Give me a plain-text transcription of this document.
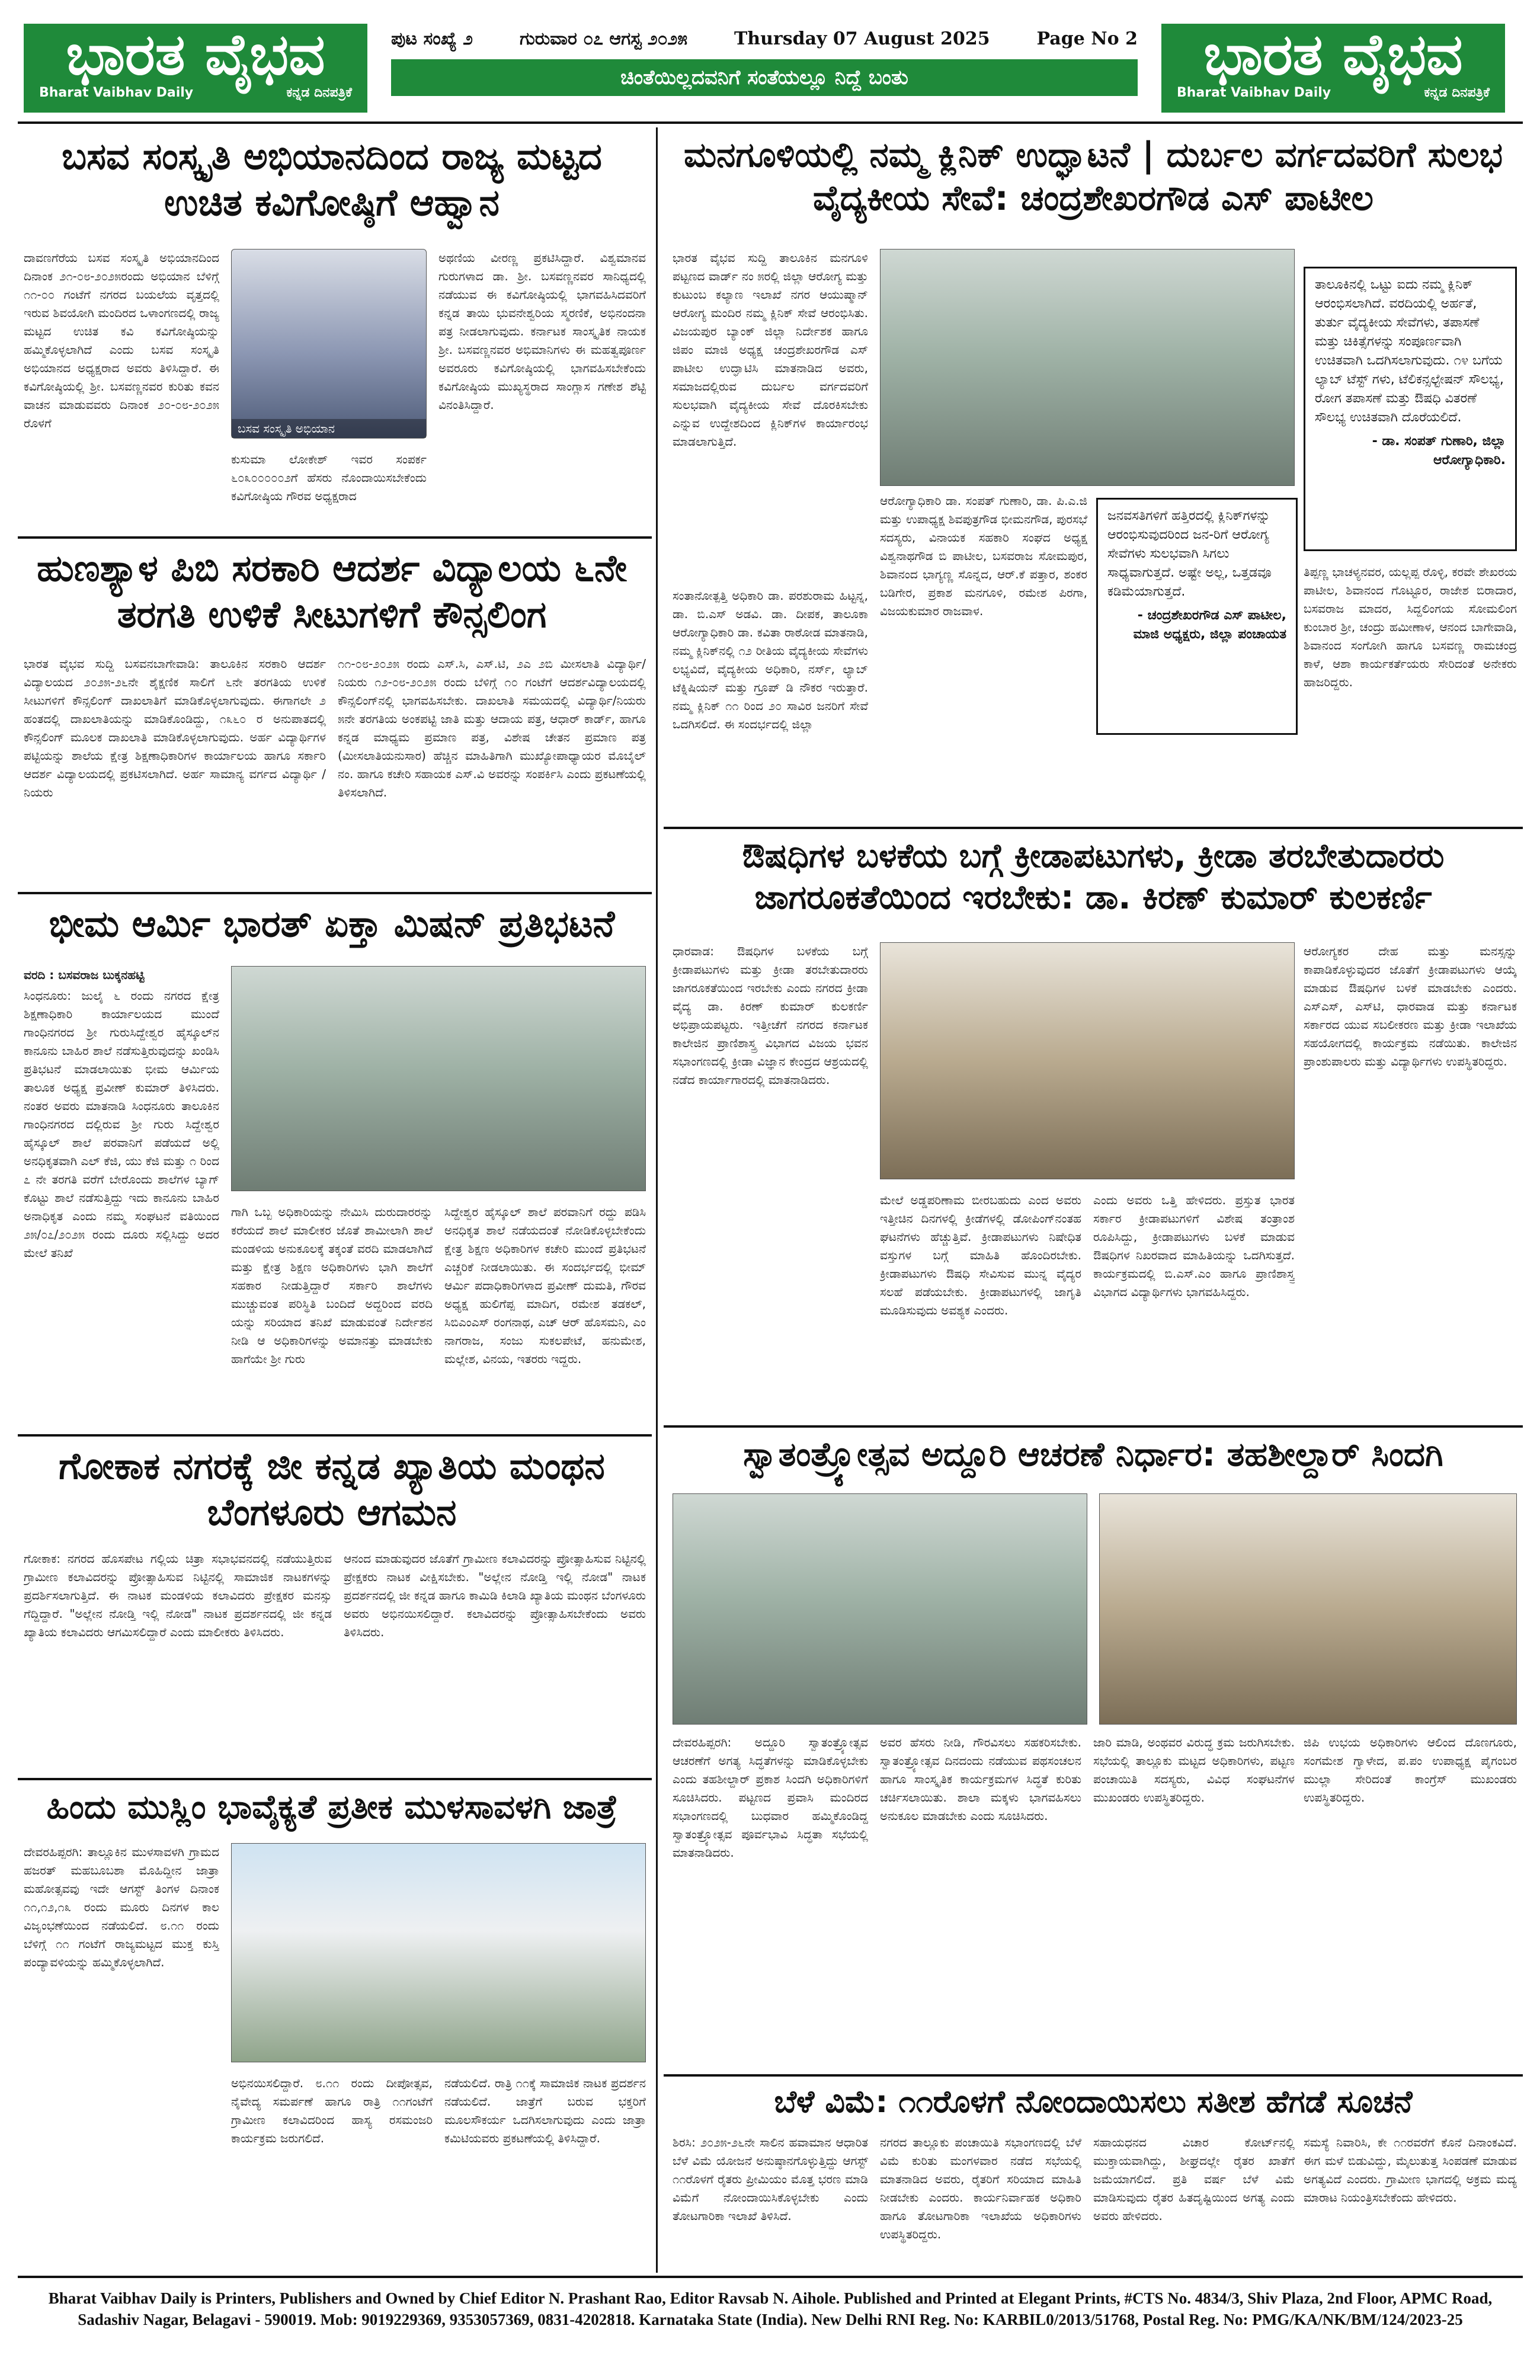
ಭಾರತ ವೈಭವ
Bharat Vaibhav Daily	ಕನ್ನಡ ದಿನಪತ್ರಿಕೆ
ಪುಟ ಸಂಖ್ಯೆ ೨	ಗುರುವಾರ ೦೭ ಆಗಸ್ಟ ೨೦೨೫	Thursday 07 August 2025	Page No 2
ಚಿಂತೆಯಿಲ್ಲದವನಿಗೆ ಸಂತೆಯಲ್ಲೂ ನಿದ್ದೆ ಬಂತು	ಭಾರತ ವೈಭವ
Bharat Vaibhav Daily	ಕನ್ನಡ ದಿನಪತ್ರಿಕೆ
ಬಸವ ಸಂಸ್ಕೃತಿ ಅಭಿಯಾನದಿಂದ ರಾಜ್ಯ ಮಟ್ಟದ ಉಚಿತ ಕವಿಗೋಷ್ಠಿಗೆ ಆಹ್ವಾನ
ದಾವಣಗೆರೆಯ ಬಸವ ಸಂಸ್ಕೃತಿ ಅಭಿಯಾನದಿಂದ ದಿನಾಂಕ ೨೧-೦೮-೨೦೨೫ರಂದು ಅಭಿಯಾನ ಬೆಳಿಗ್ಗೆ ೧೧-೦೦ ಗಂಟೆಗೆ ನಗರದ ಬಯಲೆಯ ವೃತ್ತದಲ್ಲಿ ಇರುವ ಶಿವಯೋಗಿ ಮಂದಿರದ ಒಳಾಂಗಣದಲ್ಲಿ ರಾಜ್ಯ ಮಟ್ಟದ ಉಚಿತ ಕವಿ ಕವಿಗೋಷ್ಠಿಯನ್ನು ಹಮ್ಮಿಕೊಳ್ಳಲಾಗಿದೆ ಎಂದು ಬಸವ ಸಂಸ್ಕೃತಿ ಅಭಿಯಾನದ ಅಧ್ಯಕ್ಷರಾದ ಅವರು ತಿಳಿಸಿದ್ದಾರೆ. ಈ ಕವಿಗೋಷ್ಠಿಯಲ್ಲಿ ಶ್ರೀ. ಬಸವಣ್ಣನವರ ಕುರಿತು ಕವನ ವಾಚನ ಮಾಡುವವರು ದಿನಾಂಕ ೨೦-೦೮-೨೦೨೫ ರೊಳಗೆ	ಬಸವ ಸಂಸ್ಕೃತಿ ಅಭಿಯಾನ
ಕುಸುಮಾ ಲೋಕೇಶ್ ಇವರ ಸಂಪರ್ಕ ೬೦೩೦೦೦೦೦೨ಗೆ ಹೆಸರು ನೊಂದಾಯಿಸಬೇಕೆಂದು ಕವಿಗೋಷ್ಠಿಯ ಗೌರವ ಅಧ್ಯಕ್ಷರಾದ
ಅಥಣಿಯ ವೀರಣ್ಣ ಪ್ರಕಟಿಸಿದ್ದಾರೆ. ವಿಶ್ವಮಾನವ ಗುರುಗಳಾದ ಡಾ. ಶ್ರೀ. ಬಸವಣ್ಣನವರ ಸಾನಿಧ್ಯದಲ್ಲಿ ನಡೆಯುವ ಈ ಕವಿಗೋಷ್ಠಿಯಲ್ಲಿ ಭಾಗವಹಿಸಿದವರಿಗೆ ಕನ್ನಡ ತಾಯಿ ಭುವನೇಶ್ವರಿಯ ಸ್ಮರಣಿಕೆ, ಅಭಿನಂದನಾ ಪತ್ರ ನೀಡಲಾಗುವುದು. ಕರ್ನಾಟಕ ಸಾಂಸ್ಕೃತಿಕ ನಾಯಕ ಶ್ರೀ. ಬಸವಣ್ಣನವರ ಅಭಿಮಾನಿಗಳು ಈ ಮಹತ್ವಪೂರ್ಣ ಅವರೂರು ಕವಿಗೋಷ್ಠಿಯಲ್ಲಿ ಭಾಗವಹಿಸಬೇಕೆಂದು ಕವಿಗೋಷ್ಠಿಯ ಮುಖ್ಯಸ್ಥರಾದ ಸಾಂಗ್ಲಾಸ ಗಣೇಶ ಶೆಟ್ಟಿ ವಿನಂತಿಸಿದ್ದಾರೆ.
ಹುಣಶ್ಯಾಳ ಪಿಬಿ ಸರಕಾರಿ ಆದರ್ಶ ವಿದ್ಯಾಲಯ ೬ನೇ ತರಗತಿ ಉಳಿಕೆ ಸೀಟುಗಳಿಗೆ ಕೌನ್ಸಲಿಂಗ
ಭಾರತ ವೈಭವ ಸುದ್ದಿ ಬಸವನಬಾಗೇವಾಡಿ: ತಾಲೂಕಿನ ಸರಕಾರಿ ಆದರ್ಶ ವಿದ್ಯಾಲಯದ ೨೦೨೫-೨೬ನೇ ಶೈಕ್ಷಣಿಕ ಸಾಲಿಗೆ ೬ನೇ ತರಗತಿಯ ಉಳಿಕೆ ಸೀಟುಗಳಿಗೆ ಕೌನ್ಸಲಿಂಗ್ ದಾಖಲಾತಿಗೆ ಮಾಡಿಕೊಳ್ಳಲಾಗುವುದು. ಈಗಾಗಲೇ ೨ ಹಂತದಲ್ಲಿ ದಾಖಲಾತಿಯನ್ನು ಮಾಡಿಕೊಂಡಿದ್ದು, ೧೩೬೦ ರ ಅನುಪಾತದಲ್ಲಿ ಕೌನ್ಸಲಿಂಗ್ ಮೂಲಕ ದಾಖಲಾತಿ ಮಾಡಿಕೊಳ್ಳಲಾಗುವುದು. ಅರ್ಹ ವಿದ್ಯಾರ್ಥಿಗಳ ಪಟ್ಟಿಯನ್ನು ಶಾಲೆಯ ಕ್ಷೇತ್ರ ಶಿಕ್ಷಣಾಧಿಕಾರಿಗಳ ಕಾರ್ಯಾಲಯ ಹಾಗೂ ಸರ್ಕಾರಿ ಆದರ್ಶ ವಿದ್ಯಾಲಯದಲ್ಲಿ ಪ್ರಕಟಿಸಲಾಗಿದೆ. ಅರ್ಹ ಸಾಮಾನ್ಯ ವರ್ಗದ ವಿದ್ಯಾರ್ಥಿ / ನಿಯರು
೧೧-೦೮-೨೦೨೫ ರಂದು ಎಸ್.ಸಿ, ಎಸ್.ಟಿ, ೨ಎ ೨ಬಿ ಮೀಸಲಾತಿ ವಿದ್ಯಾರ್ಥಿ/ನಿಯರು ೧೨-೦೮-೨೦೨೫ ರಂದು ಬೆಳಿಗ್ಗೆ ೧೦ ಗಂಟೆಗೆ ಆದರ್ಶವಿದ್ಯಾಲಯದಲ್ಲಿ ಕೌನ್ಸಲಿಂಗ್‌ನಲ್ಲಿ ಭಾಗವಹಿಸಬೇಕು. ದಾಖಲಾತಿ ಸಮಯದಲ್ಲಿ ವಿದ್ಯಾರ್ಥಿ/ನಿಯರು ೫ನೇ ತರಗತಿಯ ಅಂಕಪಟ್ಟಿ ಜಾತಿ ಮತ್ತು ಆದಾಯ ಪತ್ರ, ಆಧಾರ್ ಕಾರ್ಡ್, ಹಾಗೂ ಕನ್ನಡ ಮಾಧ್ಯಮ ಪ್ರಮಾಣ ಪತ್ರ, ವಿಶೇಷ ಚೇತನ ಪ್ರಮಾಣ ಪತ್ರ (ಮೀಸಲಾತಿಯನುಸಾರ) ಹೆಚ್ಚಿನ ಮಾಹಿತಿಗಾಗಿ ಮುಖ್ಯೋಪಾಧ್ಯಾಯರ ಮೊಬೈಲ್ ನಂ. ಹಾಗೂ ಕಚೇರಿ ಸಹಾಯಕ ಎಸ್.ವಿ ಅವರನ್ನು ಸಂಪರ್ಕಿಸಿ ಎಂದು ಪ್ರಕಟಣೆಯಲ್ಲಿ ತಿಳಿಸಲಾಗಿದೆ.
ಭೀಮ ಆರ್ಮಿ ಭಾರತ್ ಏಕ್ತಾ ಮಿಷನ್ ಪ್ರತಿಭಟನೆ
ವರದಿ : ಬಸವರಾಜ ಬುಕ್ಕನಹಟ್ಟಿ
ಸಿಂಧನೂರು: ಜುಲೈ ೬ ರಂದು ನಗರದ ಕ್ಷೇತ್ರ ಶಿಕ್ಷಣಾಧಿಕಾರಿ ಕಾರ್ಯಾಲಯದ ಮುಂದೆ ಗಾಂಧಿನಗರದ ಶ್ರೀ ಗುರುಸಿದ್ದೇಶ್ವರ ಹೈಸ್ಕೂಲ್‌ನ ಕಾನೂನು ಬಾಹಿರ ಶಾಲೆ ನಡೆಸುತ್ತಿರುವುದನ್ನು ಖಂಡಿಸಿ ಪ್ರತಿಭಟನೆ ಮಾಡಲಾಯಿತು ಭೀಮ ಆರ್ಮಿಯ ತಾಲೂಕ ಅಧ್ಯಕ್ಷ ಪ್ರವೀಣ್ ಕುಮಾರ್ ತಿಳಿಸಿದರು. ನಂತರ ಅವರು ಮಾತನಾಡಿ ಸಿಂಧನೂರು ತಾಲೂಕಿನ ಗಾಂಧಿನಗರದ ದಲ್ಲಿರುವ ಶ್ರೀ ಗುರು ಸಿದ್ದೇಶ್ವರ ಹೈಸ್ಕೂಲ್ ಶಾಲೆ ಪರವಾನಿಗೆ ಪಡೆಯದೆ ಅಲ್ಲಿ ಅನಧಿಕೃತವಾಗಿ ಎಲ್ ಕೆಜಿ, ಯು ಕೆಜಿ ಮತ್ತು ೧ ರಿಂದ ೭ ನೇ ತರಗತಿ ವರೆಗೆ ಬೇರೊಂದು ಶಾಲೆಗಳ ಬ್ಯಾಗ್ ಕೊಟ್ಟು ಶಾಲೆ ನಡೆಸುತ್ತಿದ್ದು ಇದು ಕಾನೂನು ಬಾಹಿರ ಅನಾಧಿಕೃತ ಎಂದು ನಮ್ಮ ಸಂಘಟನೆ ವತಿಯಿಂದ ೨೫/೦೭/೨೦೨೫ ರಂದು ದೂರು ಸಲ್ಲಿಸಿದ್ದು ಅದರ ಮೇಲೆ ತನಿಖೆ
ಗಾಗಿ ಒಬ್ಬ ಅಧಿಕಾರಿಯನ್ನು ನೇಮಿಸಿ ದುರುದಾರರನ್ನು ಕರೆಯದೆ ಶಾಲೆ ಮಾಲೀಕರ ಜೊತೆ ಶಾಮೀಲಾಗಿ ಶಾಲೆ ಮಂಡಳಿಯ ಅನುಕೂಲಕ್ಕೆ ತಕ್ಕಂತೆ ವರದಿ ಮಾಡಲಾಗಿದೆ ಮತ್ತು ಕ್ಷೇತ್ರ ಶಿಕ್ಷಣ ಅಧಿಕಾರಿಗಳು ಭಾಗಿ ಶಾಲೆಗೆ ಸಹಕಾರ ನೀಡುತ್ತಿದ್ದಾರೆ ಸರ್ಕಾರಿ ಶಾಲೆಗಳು ಮುಚ್ಚುವಂತ ಪರಿಸ್ಥಿತಿ ಬಂದಿದೆ ಅದ್ದರಿಂದ ವರದಿ ಯನ್ನು ಸರಿಯಾದ ತನಿಖೆ ಮಾಡುವಂತೆ ನಿರ್ದೇಶನ ನೀಡಿ ಆ ಅಧಿಕಾರಿಗಳನ್ನು ಅಮಾನತ್ತು ಮಾಡಬೇಕು ಹಾಗೆಯೇ ಶ್ರೀ ಗುರು
ಸಿದ್ದೇಶ್ವರ ಹೈಸ್ಕೂಲ್ ಶಾಲೆ ಪರವಾನಿಗೆ ರದ್ದು ಪಡಿಸಿ ಅನಧಿಕೃತ ಶಾಲೆ ನಡೆಯದಂತೆ ನೋಡಿಕೊಳ್ಳಬೇಕೆಂದು ಕ್ಷೇತ್ರ ಶಿಕ್ಷಣ ಅಧಿಕಾರಿಗಳ ಕಚೇರಿ ಮುಂದೆ ಪ್ರತಿಭಟನೆ ಎಚ್ಚರಿಕೆ ನೀಡಲಾಯಿತು. ಈ ಸಂದರ್ಭದಲ್ಲಿ ಭೀಮ್ ಆರ್ಮಿ ಪದಾಧಿಕಾರಿಗಳಾದ ಪ್ರವೀಣ್ ದುಮತಿ, ಗೌರವ ಅಧ್ಯಕ್ಷ ಹುಲಿಗೆಪ್ಪ ಮಾದಿಗ, ರಮೇಶ ತಡಕಲ್, ಸಿಬಿಎಂಎಸ್ ರಂಗನಾಥ, ಎಚ್ ಆರ್ ಹೊಸಮನಿ, ಎಂ ನಾಗರಾಜ, ಸಂಜು ಸುಕಲಪೇಟೆ, ಹನುಮೇಶ, ಮಲ್ಲೇಶ, ವಿನಯ, ಇತರರು ಇದ್ದರು.
ಗೋಕಾಕ ನಗರಕ್ಕೆ ಜೀ ಕನ್ನಡ ಖ್ಯಾತಿಯ ಮಂಥನ ಬೆಂಗಳೂರು ಆಗಮನ
ಗೋಕಾಕ: ನಗರದ ಹೊಸಪೇಟ ಗಲ್ಲಿಯ ಚಿತ್ರಾ ಸಭಾಭವನದಲ್ಲಿ ನಡೆಯುತ್ತಿರುವ ಗ್ರಾಮೀಣ ಕಲಾವಿದರನ್ನು ಪ್ರೋತ್ಸಾಹಿಸುವ ನಿಟ್ಟಿನಲ್ಲಿ ಸಾಮಾಜಿಕ ನಾಟಕಗಳನ್ನು ಪ್ರದರ್ಶಿಸಲಾಗುತ್ತಿದೆ. ಈ ನಾಟಕ ಮಂಡಳಿಯ ಕಲಾವಿದರು ಪ್ರೇಕ್ಷಕರ ಮನಸ್ಸು ಗೆದ್ದಿದ್ದಾರೆ. "ಅಲ್ಲೇನ ನೋಡ್ತಿ ಇಲ್ಲಿ ನೋಡ" ನಾಟಕ ಪ್ರದರ್ಶನದಲ್ಲಿ ಜೀ ಕನ್ನಡ ಖ್ಯಾತಿಯ ಕಲಾವಿದರು ಆಗಮಿಸಲಿದ್ದಾರೆ ಎಂದು ಮಾಲೀಕರು ತಿಳಿಸಿದರು.
ಆನಂದ ಮಾಡುವುದರ ಜೊತೆಗೆ ಗ್ರಾಮೀಣ ಕಲಾವಿದರನ್ನು ಪ್ರೋತ್ಸಾಹಿಸುವ ನಿಟ್ಟಿನಲ್ಲಿ ಪ್ರೇಕ್ಷಕರು ನಾಟಕ ವೀಕ್ಷಿಸಬೇಕು. "ಅಲ್ಲೇನ ನೋಡ್ತಿ ಇಲ್ಲಿ ನೋಡ" ನಾಟಕ ಪ್ರದರ್ಶನದಲ್ಲಿ ಜೀ ಕನ್ನಡ ಹಾಗೂ ಕಾಮಿಡಿ ಕಿಲಾಡಿ ಖ್ಯಾತಿಯ ಮಂಥನ ಬೆಂಗಳೂರು ಅವರು ಅಭಿನಯಿಸಲಿದ್ದಾರೆ. ಕಲಾವಿದರನ್ನು ಪ್ರೋತ್ಸಾಹಿಸಬೇಕೆಂದು ಅವರು ತಿಳಿಸಿದರು.
ಹಿಂದು ಮುಸ್ಲಿಂ ಭಾವೈಕ್ಯತೆ ಪ್ರತೀಕ ಮುಳಸಾವಳಗಿ ಜಾತ್ರೆ
ದೇವರಹಿಪ್ಪರಗಿ: ತಾಲ್ಲೂಕಿನ ಮುಳಸಾವಳಗಿ ಗ್ರಾಮದ ಹಜರತ್ ಮಹಬೂಬಶಾ ಮೊಹಿದ್ದೀನ ಜಾತ್ರಾ ಮಹೋತ್ಸವವು ಇದೇ ಆಗಸ್ಟ್ ತಿಂಗಳ ದಿನಾಂಕ ೧೧,೧೨,೧೩ ರಂದು ಮೂರು ದಿನಗಳ ಕಾಲ ವಿಜೃಂಭಣೆಯಿಂದ ನಡೆಯಲಿದೆ. ೮.೧೧ ರಂದು ಬೆಳಿಗ್ಗೆ ೧೧ ಗಂಟೆಗೆ ರಾಜ್ಯಮಟ್ಟದ ಮುಕ್ತ ಕುಸ್ತಿ ಪಂದ್ಯಾವಳಿಯನ್ನು ಹಮ್ಮಿಕೊಳ್ಳಲಾಗಿದೆ.
ಅಭಿನಯಿಸಲಿದ್ದಾರೆ. ೮.೧೧ ರಂದು ದೀಪೋತ್ಸವ, ನೈವೇದ್ಯ ಸಮರ್ಪಣೆ ಹಾಗೂ ರಾತ್ರಿ ೧೧ಗಂಟೆಗೆ ಗ್ರಾಮೀಣ ಕಲಾವಿದರಿಂದ ಹಾಸ್ಯ ರಸಮಂಜರಿ ಕಾರ್ಯಕ್ರಮ ಜರುಗಲಿದೆ.
ನಡೆಯಲಿದೆ. ರಾತ್ರಿ ೧೧ಕ್ಕೆ ಸಾಮಾಜಿಕ ನಾಟಕ ಪ್ರದರ್ಶನ ನಡೆಯಲಿದೆ. ಜಾತ್ರೆಗೆ ಬರುವ ಭಕ್ತರಿಗೆ ಮೂಲಸೌಕರ್ಯ ಒದಗಿಸಲಾಗುವುದು ಎಂದು ಜಾತ್ರಾ ಕಮಿಟಿಯವರು ಪ್ರಕಟಣೆಯಲ್ಲಿ ತಿಳಿಸಿದ್ದಾರೆ.
ಮನಗೂಳಿಯಲ್ಲಿ ನಮ್ಮ ಕ್ಲಿನಿಕ್ ಉದ್ಘಾಟನೆ | ದುರ್ಬಲ ವರ್ಗದವರಿಗೆ ಸುಲಭ ವೈದ್ಯಕೀಯ ಸೇವೆ: ಚಂದ್ರಶೇಖರಗೌಡ ಎಸ್ ಪಾಟೀಲ
ಭಾರತ ವೈಭವ ಸುದ್ದಿ ತಾಲೂಕಿನ ಮನಗೂಳಿ ಪಟ್ಟಣದ ವಾರ್ಡ್ ನಂ ೫ರಲ್ಲಿ ಜಿಲ್ಲಾ ಆರೋಗ್ಯ ಮತ್ತು ಕುಟುಂಬ ಕಲ್ಯಾಣ ಇಲಾಖೆ ನಗರ ಆಯುಷ್ಮಾನ್ ಆರೋಗ್ಯ ಮಂದಿರ ನಮ್ಮ ಕ್ಲಿನಿಕ್ ಸೇವೆ ಆರಂಭಿಸಿತು. ವಿಜಯಪುರ ಬ್ಯಾಂಕ್ ಜಿಲ್ಲಾ ನಿರ್ದೇಶಕ ಹಾಗೂ ಜಿಪಂ ಮಾಜಿ ಅಧ್ಯಕ್ಷ ಚಂದ್ರಶೇಖರಗೌಡ ಎಸ್ ಪಾಟೀಲ ಉದ್ಘಾಟಿಸಿ ಮಾತನಾಡಿದ ಅವರು, ಸಮಾಜದಲ್ಲಿರುವ ದುರ್ಬಲ ವರ್ಗದವರಿಗೆ ಸುಲಭವಾಗಿ ವೈದ್ಯಕೀಯ ಸೇವೆ ದೊರಕಿಸಬೇಕು ಎನ್ನುವ ಉದ್ದೇಶದಿಂದ ಕ್ಲಿನಿಕ್‌ಗಳ ಕಾರ್ಯಾರಂಭ ಮಾಡಲಾಗುತ್ತಿದೆ.
ತಾಲೂಕಿನಲ್ಲಿ ಒಟ್ಟು ಐದು ನಮ್ಮ ಕ್ಲಿನಿಕ್ ಆರಂಭಿಸಲಾಗಿದೆ. ವರದಿಯಲ್ಲಿ ಅರ್ಹತೆ, ತುರ್ತು ವೈದ್ಯಕೀಯ ಸೇವೆಗಳು, ತಪಾಸಣೆ ಮತ್ತು ಚಿಕಿತ್ಸೆಗಳನ್ನು ಸಂಪೂರ್ಣವಾಗಿ ಉಚಿತವಾಗಿ ಒದಗಿಸಲಾಗುವುದು. ೧೪ ಬಗೆಯ ಲ್ಯಾಬ್ ಟೆಸ್ಟ್ ಗಳು, ಟೆಲಿಕನ್ಸಲ್ಟೇಷನ್ ಸೌಲಭ್ಯ, ರೋಗ ತಪಾಸಣೆ ಮತ್ತು ಔಷಧಿ ವಿತರಣೆ ಸೌಲಭ್ಯ ಉಚಿತವಾಗಿ ದೊರೆಯಲಿದೆ.
- ಡಾ. ಸಂಪತ್ ಗುಣಾರಿ, ಜಿಲ್ಲಾ ಆರೋಗ್ಯಾಧಿಕಾರಿ.
ಸಂತಾನೋತ್ಪತ್ತಿ ಅಧಿಕಾರಿ ಡಾ. ಪರಶುರಾಮ ಹಿಟ್ಟನ್ನ, ಡಾ. ಬಿ.ಎಸ್ ಅಡವಿ. ಡಾ. ದೀಪಕ, ತಾಲೂಕಾ ಆರೋಗ್ಯಾಧಿಕಾರಿ ಡಾ. ಕವಿತಾ ರಾಠೋಡ ಮಾತನಾಡಿ, ನಮ್ಮ ಕ್ಲಿನಿಕ್‌ನಲ್ಲಿ ೧೨ ರೀತಿಯ ವೈದ್ಯಕೀಯ ಸೇವೆಗಳು ಲಭ್ಯವಿದೆ, ವೈದ್ಯಕೀಯ ಅಧಿಕಾರಿ, ನರ್ಸ್, ಲ್ಯಾಬ್ ಟೆಕ್ನಿಷಿಯನ್ ಮತ್ತು ಗ್ರೂಪ್ ಡಿ ನೌಕರ ಇರುತ್ತಾರೆ. ನಮ್ಮ ಕ್ಲಿನಿಕ್ ೧೧ ರಿಂದ ೨೦ ಸಾವಿರ ಜನರಿಗೆ ಸೇವೆ ಒದಗಿಸಲಿದೆ. ಈ ಸಂದರ್ಭದಲ್ಲಿ ಜಿಲ್ಲಾ
ಆರೋಗ್ಯಾಧಿಕಾರಿ ಡಾ. ಸಂಪತ್ ಗುಣಾರಿ, ಡಾ. ಪಿ.ಎ.ಜಿ ಮತ್ತು ಉಪಾಧ್ಯಕ್ಷ ಶಿವಪುತ್ರಗೌಡ ಭೀಮನಗೌಡ, ಪುರಸಭೆ ಸದಸ್ಯರು, ವಿನಾಯಕ ಸಹಕಾರಿ ಸಂಘದ ಅಧ್ಯಕ್ಷ ವಿಶ್ವನಾಥಗೌಡ ಬಿ ಪಾಟೀಲ, ಬಸವರಾಜ ಸೋಮಪುರ, ಶಿವಾನಂದ ಭಾಗ್ಯಣ್ಣ ಸೊನ್ನದ, ಆರ್.ಕೆ ಪತ್ತಾರ, ಶಂಕರ ಬಡಿಗೇರ, ಪ್ರಕಾಶ ಮನಗೂಳಿ, ರಮೇಶ ಪಿರಗಾ, ವಿಜಯಕುಮಾರ ರಾಜವಾಳ.
ಜನವಸತಿಗಳಿಗೆ ಹತ್ತಿರದಲ್ಲಿ ಕ್ಲಿನಿಕ್‌ಗಳನ್ನು ಆರಂಭಿಸುವುದರಿಂದ ಜನ-ರಿಗೆ ಆರೋಗ್ಯ ಸೇವೆಗಳು ಸುಲಭವಾಗಿ ಸಿಗಲು ಸಾಧ್ಯವಾಗುತ್ತದೆ. ಅಷ್ಟೇ ಅಲ್ಲ, ಒತ್ತಡವೂ ಕಡಿಮೆಯಾಗುತ್ತದೆ.
- ಚಂದ್ರಶೇಖರಗೌಡ ಎಸ್ ಪಾಟೀಲ, ಮಾಜಿ ಅಧ್ಯಕ್ಷರು, ಜಿಲ್ಲಾ ಪಂಚಾಯತ
ತಿಪ್ಪಣ್ಣ ಭಾಚಳ್ಯನವರ, ಯಲ್ಲಪ್ಪ ರೊಳ್ಳಿ, ಕರವೇ ಶೇಖರಯ ಪಾಟೀಲ, ಶಿವಾನಂದ ಗೊಟ್ಟೂರ, ರಾಜೇಶ ಬಿರಾದಾರ, ಬಸವರಾಜ ಮಾದರ, ಸಿದ್ದಲಿಂಗಯ ಸೋಮಲಿಂಗ ಕುಂಬಾರ ಶ್ರೀ, ಚಂದ್ರು ಹಮೀಣಾಳ, ಆನಂದ ಬಾಗೇವಾಡಿ, ಶಿವಾನಂದ ಸಂಗೋಗಿ ಹಾಗೂ ಬಸವಣ್ಣ ರಾಮಚಂದ್ರ ಕಾಳೆ, ಆಶಾ ಕಾರ್ಯಕರ್ತೆಯರು ಸೇರಿದಂತೆ ಅನೇಕರು ಹಾಜರಿದ್ದರು.
ಔಷಧಿಗಳ ಬಳಕೆಯ ಬಗ್ಗೆ ಕ್ರೀಡಾಪಟುಗಳು, ಕ್ರೀಡಾ ತರಬೇತುದಾರರು ಜಾಗರೂಕತೆಯಿಂದ ಇರಬೇಕು: ಡಾ. ಕಿರಣ್ ಕುಮಾರ್ ಕುಲಕರ್ಣಿ
ಧಾರವಾಡ: ಔಷಧಿಗಳ ಬಳಕೆಯ ಬಗ್ಗೆ ಕ್ರೀಡಾಪಟುಗಳು ಮತ್ತು ಕ್ರೀಡಾ ತರಬೇತುದಾರರು ಜಾಗರೂಕತೆಯಿಂದ ಇರಬೇಕು ಎಂದು ನಗರದ ಕ್ರೀಡಾ ವೈದ್ಯ ಡಾ. ಕಿರಣ್ ಕುಮಾರ್ ಕುಲಕರ್ಣಿ ಅಭಿಪ್ರಾಯಪಟ್ಟರು. ಇತ್ತೀಚೆಗೆ ನಗರದ ಕರ್ನಾಟಕ ಕಾಲೇಜಿನ ಪ್ರಾಣಿಶಾಸ್ತ್ರ ವಿಭಾಗದ ವಿಜಯ ಭವನ ಸಭಾಂಗಣದಲ್ಲಿ ಕ್ರೀಡಾ ವಿಜ್ಞಾನ ಕೇಂದ್ರದ ಆಶ್ರಯದಲ್ಲಿ ನಡೆದ ಕಾರ್ಯಾಗಾರದಲ್ಲಿ ಮಾತನಾಡಿದರು.
ಮೇಲೆ ಅಡ್ಡಪರಿಣಾಮ ಬೀರಬಹುದು ಎಂದ ಅವರು ಇತ್ತೀಚಿನ ದಿನಗಳಲ್ಲಿ ಕ್ರೀಡೆಗಳಲ್ಲಿ ಡೋಪಿಂಗ್‌ನಂತಹ ಘಟನೆಗಳು ಹೆಚ್ಚುತ್ತಿವೆ. ಕ್ರೀಡಾಪಟುಗಳು ನಿಷೇಧಿತ ವಸ್ತುಗಳ ಬಗ್ಗೆ ಮಾಹಿತಿ ಹೊಂದಿರಬೇಕು. ಕ್ರೀಡಾಪಟುಗಳು ಔಷಧಿ ಸೇವಿಸುವ ಮುನ್ನ ವೈದ್ಯರ ಸಲಹೆ ಪಡೆಯಬೇಕು. ಕ್ರೀಡಾಪಟುಗಳಲ್ಲಿ ಜಾಗೃತಿ ಮೂಡಿಸುವುದು ಅವಶ್ಯಕ ಎಂದರು.
ಎಂದು ಅವರು ಒತ್ತಿ ಹೇಳಿದರು. ಪ್ರಸ್ತುತ ಭಾರತ ಸರ್ಕಾರ ಕ್ರೀಡಾಪಟುಗಳಿಗೆ ವಿಶೇಷ ತಂತ್ರಾಂಶ ರೂಪಿಸಿದ್ದು, ಕ್ರೀಡಾಪಟುಗಳು ಬಳಕೆ ಮಾಡುವ ಔಷಧಿಗಳ ನಿಖರವಾದ ಮಾಹಿತಿಯನ್ನು ಒದಗಿಸುತ್ತದೆ. ಕಾರ್ಯಕ್ರಮದಲ್ಲಿ ಬಿ.ಎಸ್.ಎಂ ಹಾಗೂ ಪ್ರಾಣಿಶಾಸ್ತ್ರ ವಿಭಾಗದ ವಿದ್ಯಾರ್ಥಿಗಳು ಭಾಗವಹಿಸಿದ್ದರು.
ಆರೋಗ್ಯಕರ ದೇಹ ಮತ್ತು ಮನಸ್ಸನ್ನು ಕಾಪಾಡಿಕೊಳ್ಳುವುದರ ಜೊತೆಗೆ ಕ್ರೀಡಾಪಟುಗಳು ಆಯ್ಕೆ ಮಾಡುವ ಔಷಧಿಗಳ ಬಳಕೆ ಮಾಡಬೇಕು ಎಂದರು. ಎಸ್‌ಎಸ್, ಎಸ್‌ಟಿ, ಧಾರವಾಡ ಮತ್ತು ಕರ್ನಾಟಕ ಸರ್ಕಾರದ ಯುವ ಸಬಲೀಕರಣ ಮತ್ತು ಕ್ರೀಡಾ ಇಲಾಖೆಯ ಸಹಯೋಗದಲ್ಲಿ ಕಾರ್ಯಕ್ರಮ ನಡೆಯಿತು. ಕಾಲೇಜಿನ ಪ್ರಾಂಶುಪಾಲರು ಮತ್ತು ವಿದ್ಯಾರ್ಥಿಗಳು ಉಪಸ್ಥಿತರಿದ್ದರು.
ಸ್ವಾತಂತ್ರ್ಯೋತ್ಸವ ಅದ್ದೂರಿ ಆಚರಣೆ ನಿರ್ಧಾರ: ತಹಶೀಲ್ದಾರ್ ಸಿಂದಗಿ
ದೇವರಹಿಪ್ಪರಗಿ: ಅದ್ದೂರಿ ಸ್ವಾತಂತ್ರ್ಯೋತ್ಸವ ಆಚರಣೆಗೆ ಅಗತ್ಯ ಸಿದ್ಧತೆಗಳನ್ನು ಮಾಡಿಕೊಳ್ಳಬೇಕು ಎಂದು ತಹಶೀಲ್ದಾರ್ ಪ್ರಕಾಶ ಸಿಂದಗಿ ಅಧಿಕಾರಿಗಳಿಗೆ ಸೂಚಿಸಿದರು. ಪಟ್ಟಣದ ಪ್ರವಾಸಿ ಮಂದಿರದ ಸಭಾಂಗಣದಲ್ಲಿ ಬುಧವಾರ ಹಮ್ಮಿಕೊಂಡಿದ್ದ ಸ್ವಾತಂತ್ರ್ಯೋತ್ಸವ ಪೂರ್ವಭಾವಿ ಸಿದ್ಧತಾ ಸಭೆಯಲ್ಲಿ ಮಾತನಾಡಿದರು.
ಅವರ ಹೆಸರು ನೀಡಿ, ಗೌರವಿಸಲು ಸಹಕರಿಸಬೇಕು. ಸ್ವಾತಂತ್ರ್ಯೋತ್ಸವ ದಿನದಂದು ನಡೆಯುವ ಪಥಸಂಚಲನ ಹಾಗೂ ಸಾಂಸ್ಕೃತಿಕ ಕಾರ್ಯಕ್ರಮಗಳ ಸಿದ್ಧತೆ ಕುರಿತು ಚರ್ಚಿಸಲಾಯಿತು. ಶಾಲಾ ಮಕ್ಕಳು ಭಾಗವಹಿಸಲು ಅನುಕೂಲ ಮಾಡಬೇಕು ಎಂದು ಸೂಚಿಸಿದರು.
ಜಾರಿ ಮಾಡಿ, ಅಂಥವರ ವಿರುದ್ಧ ಕ್ರಮ ಜರುಗಿಸಬೇಕು. ಸಭೆಯಲ್ಲಿ ತಾಲ್ಲೂಕು ಮಟ್ಟದ ಅಧಿಕಾರಿಗಳು, ಪಟ್ಟಣ ಪಂಚಾಯಿತಿ ಸದಸ್ಯರು, ವಿವಿಧ ಸಂಘಟನೆಗಳ ಮುಖಂಡರು ಉಪಸ್ಥಿತರಿದ್ದರು.
ಜಿಪಿ ಉಭಯ ಅಧಿಕಾರಿಗಳು ಆಲಿಂದ ದೊಣಗೂರು, ಸಂಗಮೇಶ ಗ್ವಾಳೇದ, ಪ.ಪಂ ಉಪಾಧ್ಯಕ್ಷ ಪೈಗಂಬರ ಮುಲ್ಲಾ ಸೇರಿದಂತೆ ಕಾಂಗ್ರೆಸ್ ಮುಖಂಡರು ಉಪಸ್ಥಿತರಿದ್ದರು.
ಬೆಳೆ ವಿಮೆ: ೧೧ರೊಳಗೆ ನೋಂದಾಯಿಸಲು ಸತೀಶ ಹೆಗಡೆ ಸೂಚನೆ
ಶಿರಸಿ: ೨೦೨೫-೨೬ನೇ ಸಾಲಿನ ಹವಾಮಾನ ಆಧಾರಿತ ಬೆಳೆ ವಿಮೆ ಯೋಜನೆ ಅನುಷ್ಠಾನಗೊಳ್ಳುತ್ತಿದ್ದು ಆಗಸ್ಟ್ ೧೧ರೊಳಗೆ ರೈತರು ಪ್ರೀಮಿಯಂ ಮೊತ್ತ ಭರಣ ಮಾಡಿ ವಿಮೆಗೆ ನೋಂದಾಯಿಸಿಕೊಳ್ಳಬೇಕು ಎಂದು ತೋಟಗಾರಿಕಾ ಇಲಾಖೆ ತಿಳಿಸಿದೆ.
ನಗರದ ತಾಲ್ಲೂಕು ಪಂಚಾಯಿತಿ ಸಭಾಂಗಣದಲ್ಲಿ ಬೆಳೆ ವಿಮೆ ಕುರಿತು ಮಂಗಳವಾರ ನಡೆದ ಸಭೆಯಲ್ಲಿ ಮಾತನಾಡಿದ ಅವರು, ರೈತರಿಗೆ ಸರಿಯಾದ ಮಾಹಿತಿ ನೀಡಬೇಕು ಎಂದರು. ಕಾರ್ಯನಿರ್ವಾಹಕ ಅಧಿಕಾರಿ ಹಾಗೂ ತೋಟಗಾರಿಕಾ ಇಲಾಖೆಯ ಅಧಿಕಾರಿಗಳು ಉಪಸ್ಥಿತರಿದ್ದರು.
ಸಹಾಯಧನದ ವಿಚಾರ ಕೋರ್ಟ್‌ನಲ್ಲಿ ಮುಕ್ತಾಯವಾಗಿದ್ದು, ಶೀಘ್ರದಲ್ಲೇ ರೈತರ ಖಾತೆಗೆ ಜಮೆಯಾಗಲಿದೆ. ಪ್ರತಿ ವರ್ಷ ಬೆಳೆ ವಿಮೆ ಮಾಡಿಸುವುದು ರೈತರ ಹಿತದೃಷ್ಟಿಯಿಂದ ಅಗತ್ಯ ಎಂದು ಅವರು ಹೇಳಿದರು.
ಸಮಸ್ಯೆ ನಿವಾರಿಸಿ, ಕೇ ೧೧ರವರೆಗೆ ಕೊನೆ ದಿನಾಂಕವಿದೆ. ಈಗ ಮಳೆ ಬಿಡುವಿದ್ದು, ಮೈಲುತುತ್ತ ಸಿಂಪಡಣೆ ಮಾಡುವ ಅಗತ್ಯವಿದೆ ಎಂದರು. ಗ್ರಾಮೀಣ ಭಾಗದಲ್ಲಿ ಅಕ್ರಮ ಮದ್ಯ ಮಾರಾಟ ನಿಯಂತ್ರಿಸಬೇಕೆಂದು ಹೇಳಿದರು.
Bharat Vaibhav Daily is Printers, Publishers and Owned by Chief Editor N. Prashant Rao, Editor Ravsab N. Aihole. Published and Printed at Elegant Prints, #CTS No. 4834/3, Shiv Plaza, 2nd Floor, APMC Road,
Sadashiv Nagar, Belagavi - 590019. Mob: 9019229369, 9353057369, 0831-4202818. Karnataka State (India). New Delhi RNI Reg. No: KARBIL0/2013/51768, Postal Reg. No: PMG/KA/NK/BM/124/2023-25
